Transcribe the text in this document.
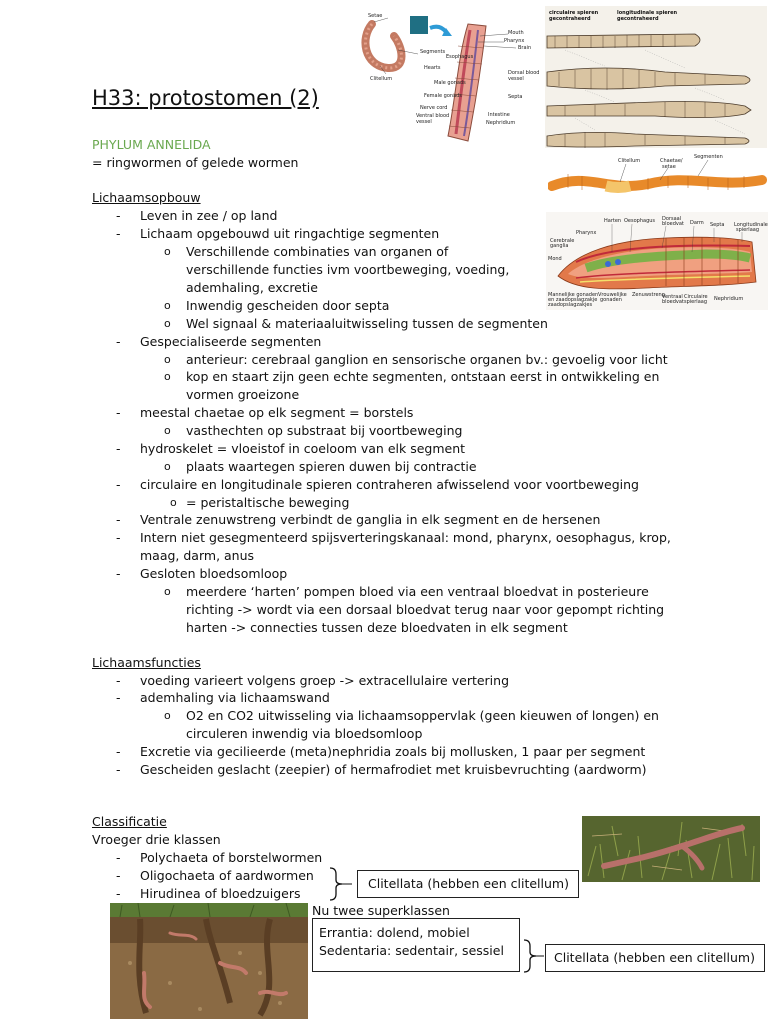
Setae
Segments
Clitellum
Mouth
Pharynx
Brain
Esophagus
Hearts
Dorsal blood
vessel
Male gonads
Septa
Female gonads
Nerve cord
Ventral blood
vessel
Intestine
Nephridium
circulaire spieren
gecontraheerd
longitudinale spieren
gecontraheerd
Clitellum	Chaetae/
setae
Segmenten
Harten Oesophagus Dorsaal
bloedvat Darm Septa Longitudinale
spierlaag
Pharynx
Cerebrale
ganglia
Mond
Mannelijke gonaden
en zaadopslagzakje
zaadopslagzakjes
Vrouwelijke
gonaden
Zenuwstreng
Ventraal
bloedvat
Circulaire
spierlaag Nephridium
H33: protostomen (2)
PHYLUM ANNELIDA
= ringwormen of gelede wormen
Lichaamsopbouw
-	Leven in zee / op land
-	Lichaam opgebouwd uit ringachtige segmenten
o Verschillende combinaties van organen of
verschillende functies ivm voortbeweging, voeding,
ademhaling, excretie
o Inwendig gescheiden door septa
o Wel signaal & materiaaluitwisseling tussen de segmenten
-	Gespecialiseerde segmenten
o anterieur: cerebraal ganglion en sensorische organen bv.: gevoelig voor licht
o kop en staart zijn geen echte segmenten, ontstaan eerst in ontwikkeling en
vormen groeizone
-	meestal chaetae op elk segment = borstels
o vasthechten op substraat bij voortbeweging
-	hydroskelet = vloeistof in coeloom van elk segment
o plaats waartegen spieren duwen bij contractie
-	circulaire en longitudinale spieren contraheren afwisselend voor voortbeweging
o = peristaltische beweging
-	Ventrale zenuwstreng verbindt de ganglia in elk segment en de hersenen
-	Intern niet gesegmenteerd spijsverteringskanaal: mond, pharynx, oesophagus, krop,
maag, darm, anus
-	Gesloten bloedsomloop
o meerdere ‘harten’ pompen bloed via een ventraal bloedvat in posterieure
richting -> wordt via een dorsaal bloedvat terug naar voor gepompt richting
harten -> connecties tussen deze bloedvaten in elk segment
Lichaamsfuncties
-	voeding varieert volgens groep -> extracellulaire vertering
-	ademhaling via lichaamswand
o O2 en CO2 uitwisseling via lichaamsoppervlak (geen kieuwen of longen) en
circuleren inwendig via bloedsomloop
-	Excretie via gecilieerde (meta)nephridia zoals bij mollusken, 1 paar per segment
-	Gescheiden geslacht (zeepier) of hermafrodiet met kruisbevruchting (aardworm)
Classificatie
Vroeger drie klassen
-	Polychaeta of borstelwormen
-	Oligochaeta of aardwormen
-	Hirudinea of bloedzuigers
Clitellata (hebben een clitellum)
Nu twee superklassen
Errantia: dolend, mobiel
Sedentaria: sedentair, sessiel	Clitellata (hebben een clitellum)
